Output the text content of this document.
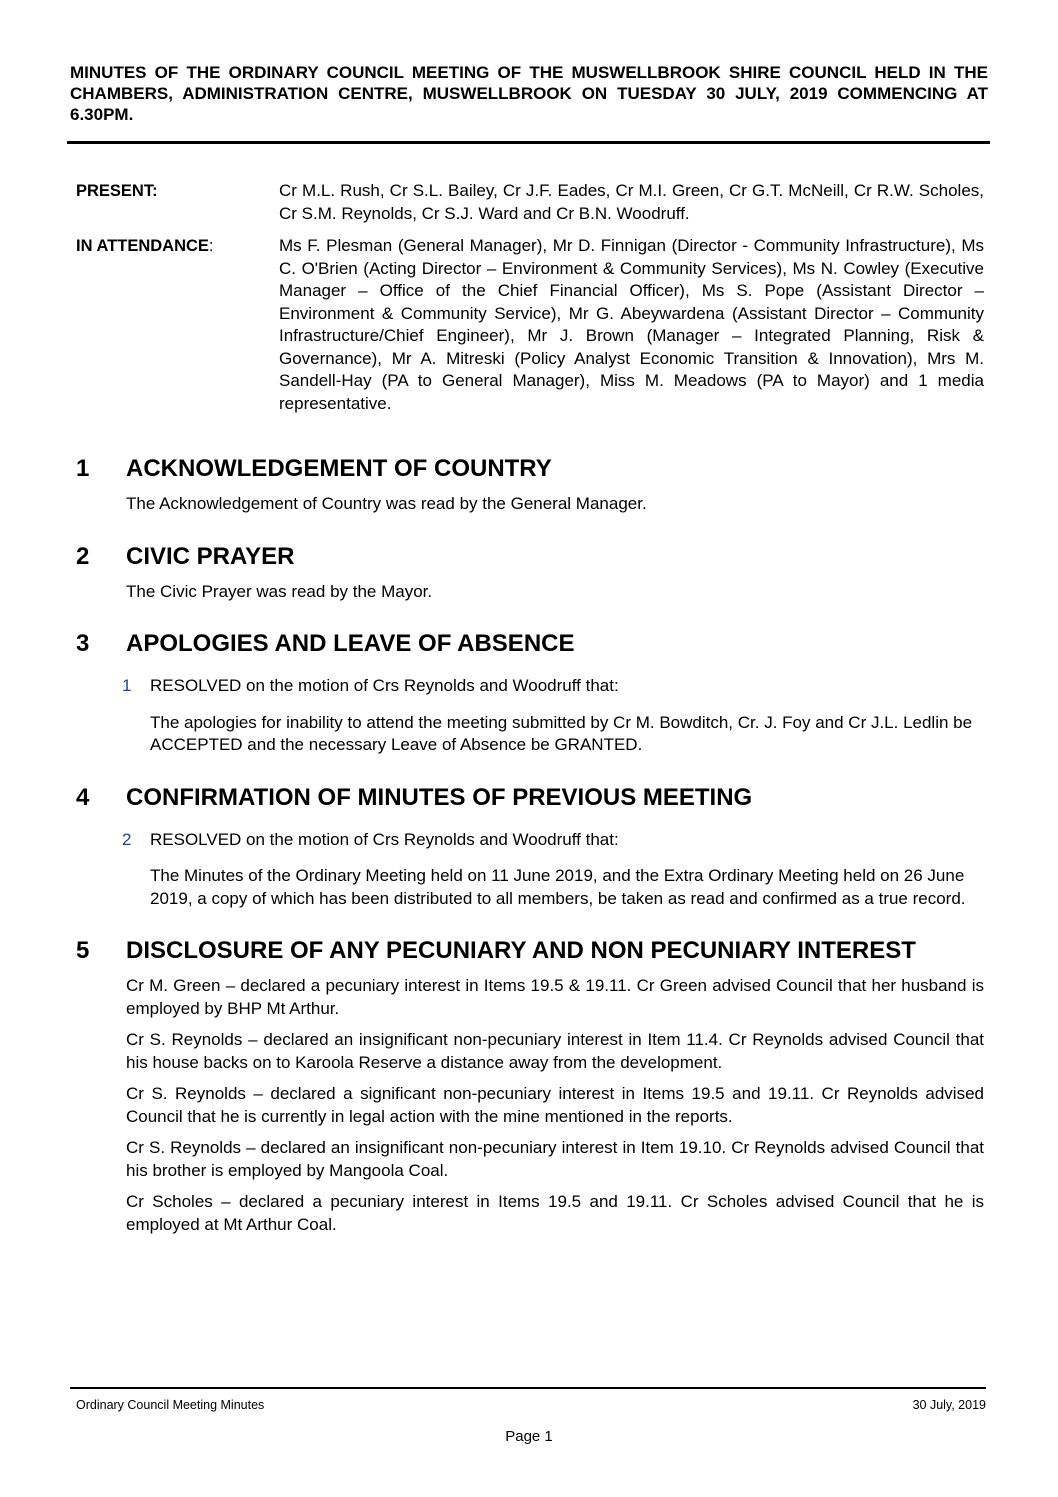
MINUTES OF THE ORDINARY COUNCIL MEETING OF THE MUSWELLBROOK SHIRE COUNCIL HELD IN THE CHAMBERS, ADMINISTRATION CENTRE, MUSWELLBROOK ON TUESDAY 30 JULY, 2019 COMMENCING AT 6.30PM.
PRESENT:	Cr M.L. Rush, Cr S.L. Bailey, Cr J.F. Eades, Cr M.I. Green, Cr G.T. McNeill, Cr R.W. Scholes, Cr S.M. Reynolds, Cr S.J. Ward and Cr B.N. Woodruff.
IN ATTENDANCE:	Ms F. Plesman (General Manager), Mr D. Finnigan (Director - Community Infrastructure), Ms C. O'Brien (Acting Director – Environment & Community Services), Ms N. Cowley (Executive Manager – Office of the Chief Financial Officer), Ms S. Pope (Assistant Director – Environment & Community Service), Mr G. Abeywardena (Assistant Director – Community Infrastructure/Chief Engineer), Mr J. Brown (Manager – Integrated Planning, Risk & Governance), Mr A. Mitreski (Policy Analyst Economic Transition & Innovation), Mrs M. Sandell-Hay (PA to General Manager), Miss M. Meadows (PA to Mayor) and 1 media representative.
1	ACKNOWLEDGEMENT OF COUNTRY

The Acknowledgement of Country was read by the General Manager.

2	CIVIC PRAYER

The Civic Prayer was read by the Mayor.

3	APOLOGIES AND LEAVE OF ABSENCE
1	RESOLVED on the motion of Crs Reynolds and Woodruff that:
The apologies for inability to attend the meeting submitted by Cr M. Bowditch, Cr. J. Foy and Cr J.L. Ledlin be ACCEPTED and the necessary Leave of Absence be GRANTED.
4	CONFIRMATION OF MINUTES OF PREVIOUS MEETING
2	RESOLVED on the motion of Crs Reynolds and Woodruff that:
The Minutes of the Ordinary Meeting held on 11 June 2019, and the Extra Ordinary Meeting held on 26 June 2019, a copy of which has been distributed to all members, be taken as read and confirmed as a true record.
5	DISCLOSURE OF ANY PECUNIARY AND NON PECUNIARY INTEREST

Cr M. Green – declared a pecuniary interest in Items 19.5 & 19.11. Cr Green advised Council that her husband is employed by BHP Mt Arthur.

Cr S. Reynolds – declared an insignificant non-pecuniary interest in Item 11.4. Cr Reynolds advised Council that his house backs on to Karoola Reserve a distance away from the development.

Cr S. Reynolds – declared a significant non-pecuniary interest in Items 19.5 and 19.11. Cr Reynolds advised Council that he is currently in legal action with the mine mentioned in the reports.

Cr S. Reynolds – declared an insignificant non-pecuniary interest in Item 19.10. Cr Reynolds advised Council that his brother is employed by Mangoola Coal.

Cr Scholes – declared a pecuniary interest in Items 19.5 and 19.11. Cr Scholes advised Council that he is employed at Mt Arthur Coal.

Ordinary Council Meeting Minutes	30 July, 2019
Page 1
